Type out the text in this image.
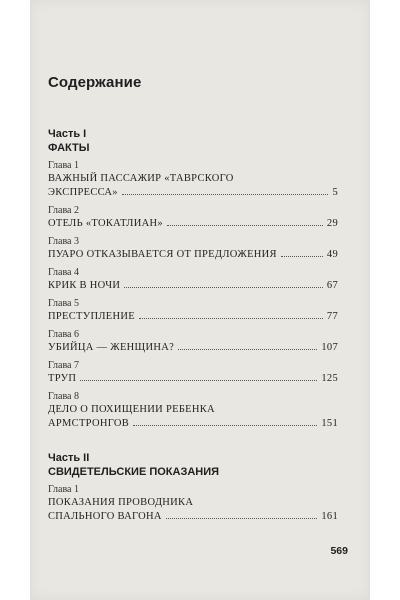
Содержание
Часть I
ФАКТЫ
Глава 1
ВАЖНЫЙ ПАССАЖИР «ТАВРСКОГО
ЭКСПРЕССА»	5
Глава 2
ОТЕЛЬ «ТОКАТЛИАН»	29
Глава 3
ПУАРО ОТКАЗЫВАЕТСЯ ОТ ПРЕДЛОЖЕНИЯ	49
Глава 4
КРИК В НОЧИ	67
Глава 5
ПРЕСТУПЛЕНИЕ	77
Глава 6
УБИЙЦА — ЖЕНЩИНА?	107
Глава 7
ТРУП	125
Глава 8
ДЕЛО О ПОХИЩЕНИИ РЕБЕНКА
АРМСТРОНГОВ	151
Часть II
СВИДЕТЕЛЬСКИЕ ПОКАЗАНИЯ
Глава 1
ПОКАЗАНИЯ ПРОВОДНИКА
СПАЛЬНОГО ВАГОНА	161
569
